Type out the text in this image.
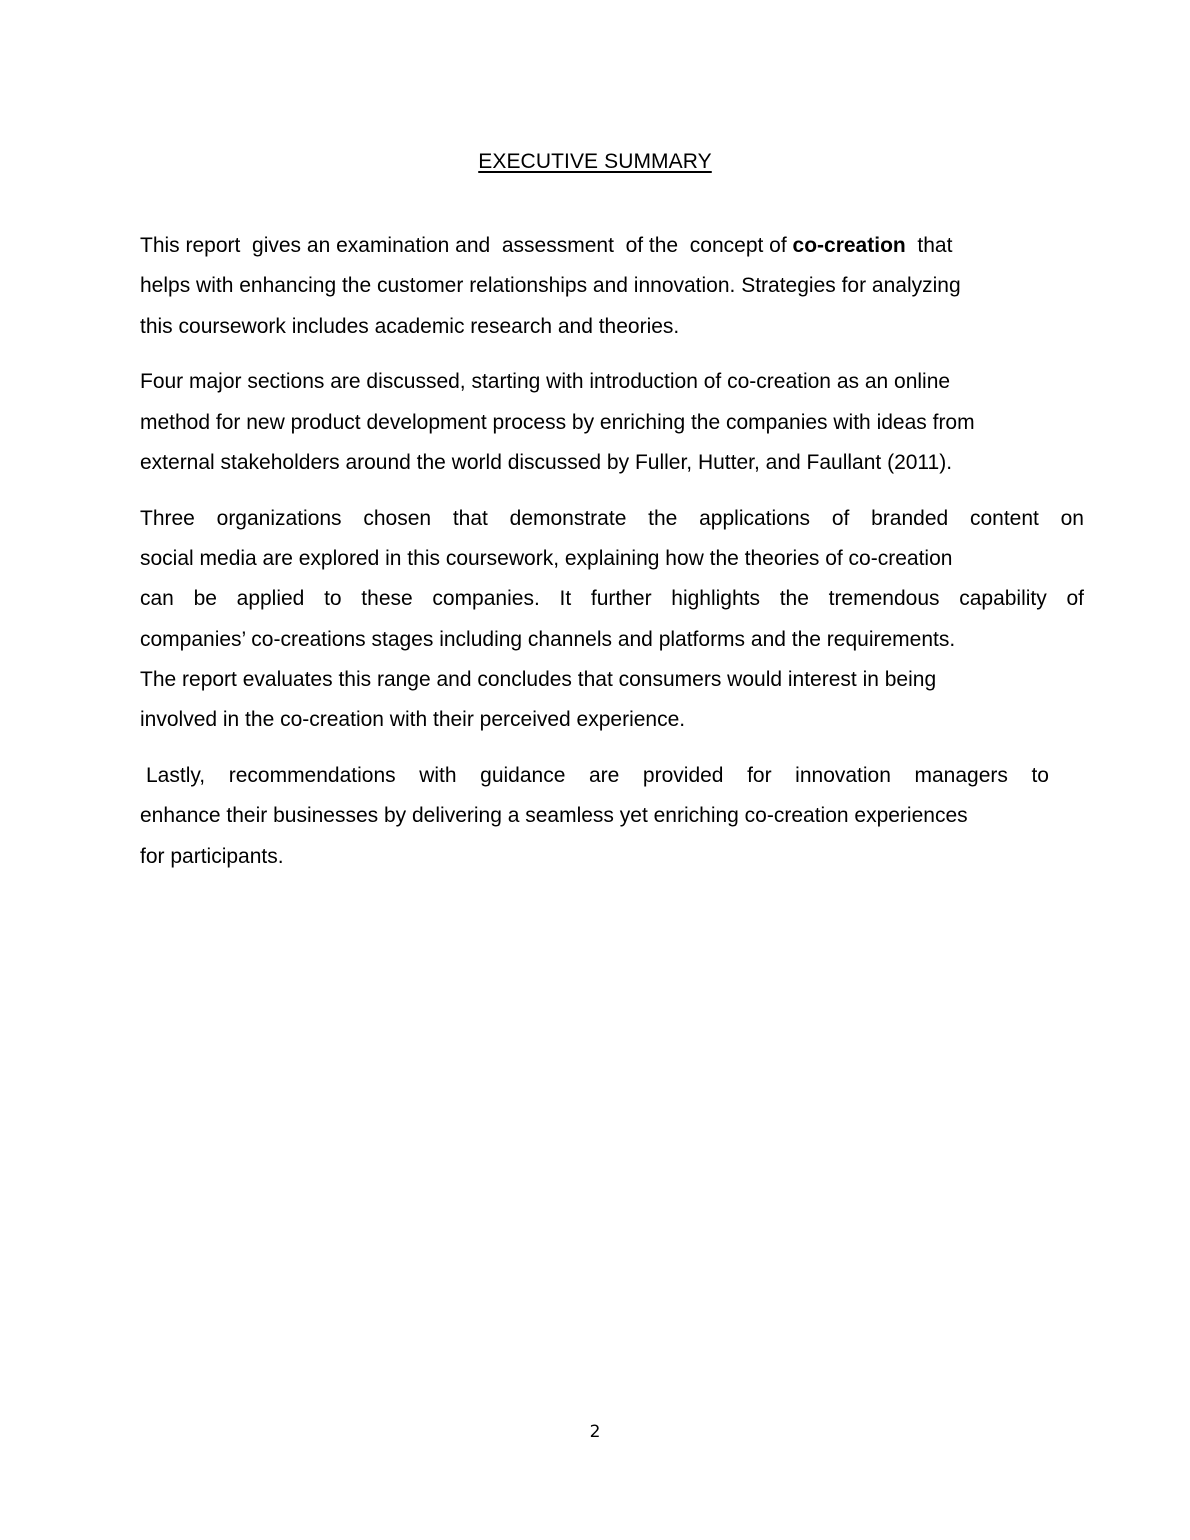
EXECUTIVE SUMMARY

This report  gives an examination and  assessment  of the  concept of co-creation that
helps with enhancing the customer relationships and innovation. Strategies for analyzing
this coursework includes academic research and theories.

Four major sections are discussed, starting with introduction of co-creation as an online
method for new product development process by enriching the companies with ideas from
external stakeholders around the world discussed by Fuller, Hutter, and Faullant (2011).

Three organizations chosen that demonstrate the applications of branded content on
social media are explored in this coursework, explaining how the theories of co-creation
can be applied to these companies. It further highlights the tremendous capability of
companies’ co-creations stages including channels and platforms and the requirements.
The report evaluates this range and concludes that consumers would interest in being
involved in the co-creation with their perceived experience.

Lastly, recommendations with guidance are provided for innovation managers to
enhance their businesses by delivering a seamless yet enriching co-creation experiences
for participants.

2
